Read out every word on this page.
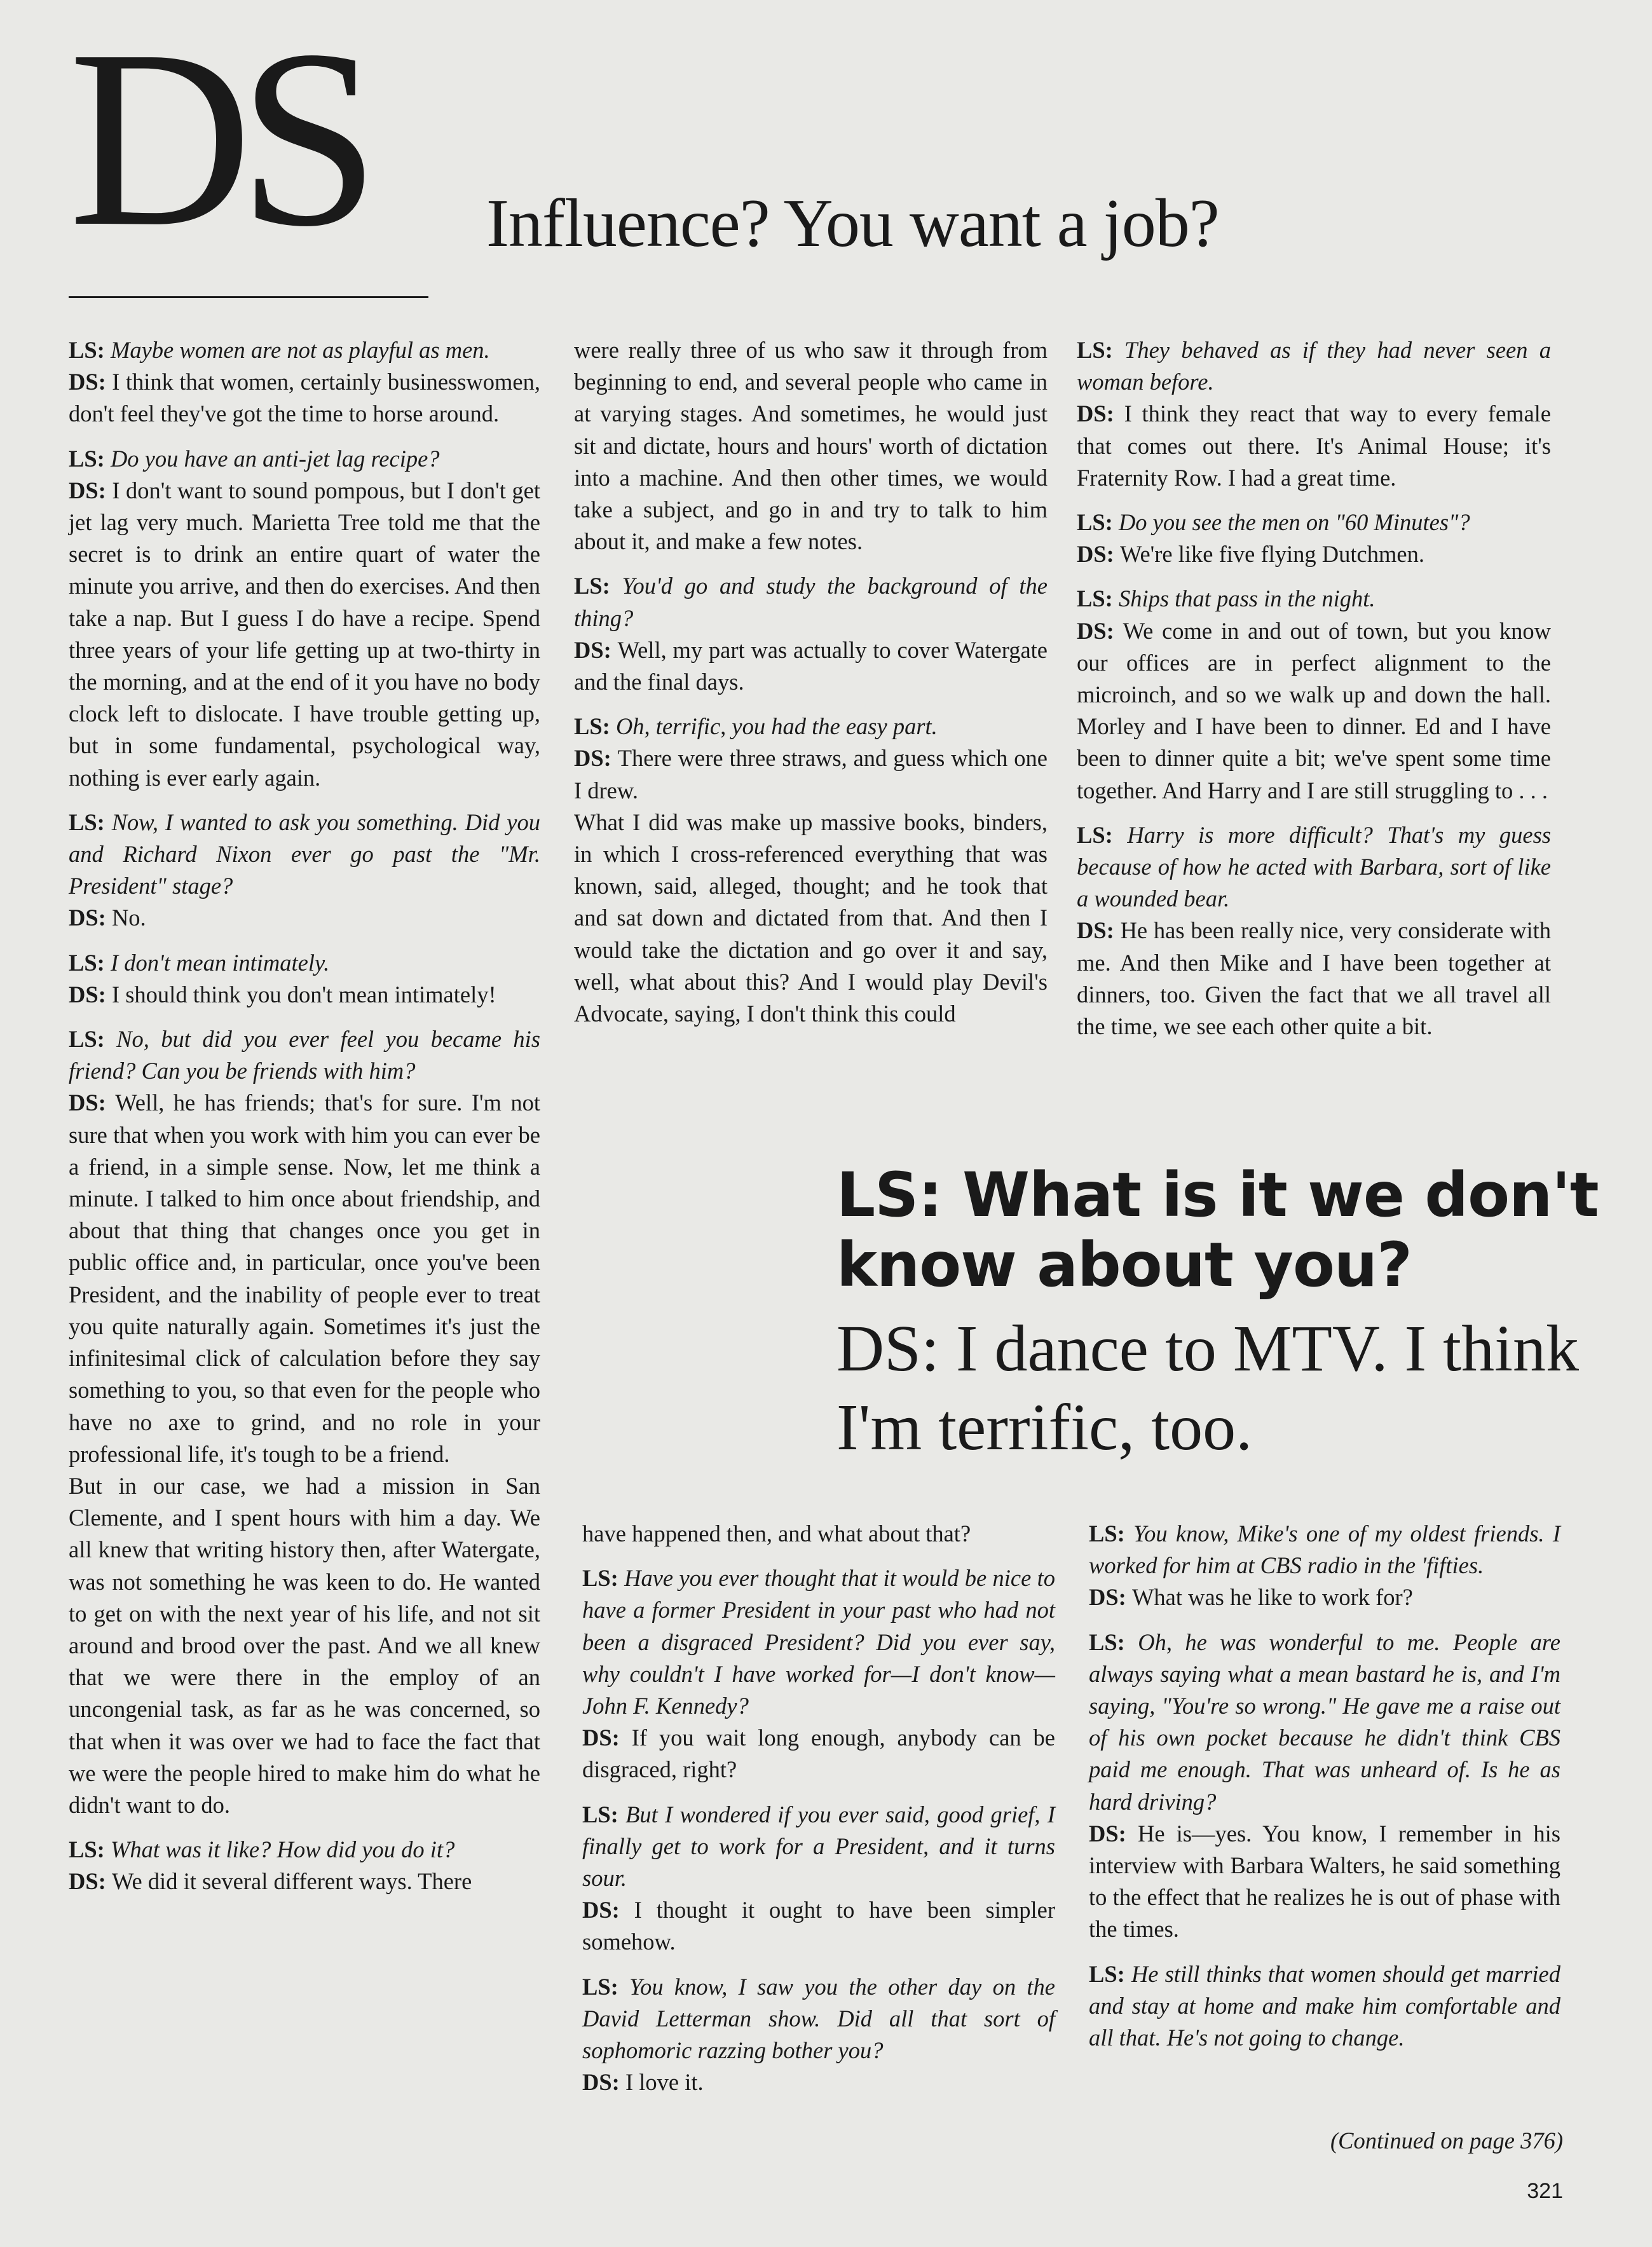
DS Influence? You want a job?

LS: Maybe women are not as playful as men.
DS: I think that women, certainly businesswomen, don't feel they've got the time to horse around.

LS: Do you have an anti-jet lag recipe?
DS: I don't want to sound pompous, but I don't get jet lag very much. Marietta Tree told me that the secret is to drink an entire quart of water the minute you arrive, and then do exercises. And then take a nap. But I guess I do have a recipe. Spend three years of your life getting up at two-thirty in the morning, and at the end of it you have no body clock left to dislocate. I have trouble getting up, but in some fundamental, psychological way, nothing is ever early again.

LS: Now, I wanted to ask you something. Did you and Richard Nixon ever go past the "Mr. President" stage?
DS: No.

LS: I don't mean intimately.
DS: I should think you don't mean intimately!

LS: No, but did you ever feel you became his friend? Can you be friends with him?
DS: Well, he has friends; that's for sure. I'm not sure that when you work with him you can ever be a friend, in a simple sense. Now, let me think a minute. I talked to him once about friendship, and about that thing that changes once you get in public office and, in particular, once you've been President, and the inability of people ever to treat you quite naturally again. Sometimes it's just the infinitesimal click of calculation before they say something to you, so that even for the people who have no axe to grind, and no role in your professional life, it's tough to be a friend.
But in our case, we had a mission in San Clemente, and I spent hours with him a day. We all knew that writing history then, after Watergate, was not something he was keen to do. He wanted to get on with the next year of his life, and not sit around and brood over the past. And we all knew that we were there in the employ of an uncongenial task, as far as he was concerned, so that when it was over we had to face the fact that we were the people hired to make him do what he didn't want to do.

LS: What was it like? How did you do it?
DS: We did it several different ways. There

were really three of us who saw it through from beginning to end, and several people who came in at varying stages. And sometimes, he would just sit and dictate, hours and hours' worth of dictation into a machine. And then other times, we would take a subject, and go in and try to talk to him about it, and make a few notes.

LS: You'd go and study the background of the thing?
DS: Well, my part was actually to cover Watergate and the final days.

LS: Oh, terrific, you had the easy part.
DS: There were three straws, and guess which one I drew.
What I did was make up massive books, binders, in which I cross-referenced everything that was known, said, alleged, thought; and he took that and sat down and dictated from that. And then I would take the dictation and go over it and say, well, what about this? And I would play Devil's Advocate, saying, I don't think this could

LS: They behaved as if they had never seen a woman before.
DS: I think they react that way to every female that comes out there. It's Animal House; it's Fraternity Row. I had a great time.

LS: Do you see the men on "60 Minutes"?
DS: We're like five flying Dutchmen.

LS: Ships that pass in the night.
DS: We come in and out of town, but you know our offices are in perfect alignment to the microinch, and so we walk up and down the hall. Morley and I have been to dinner. Ed and I have been to dinner quite a bit; we've spent some time together. And Harry and I are still struggling to . . .

LS: Harry is more difficult? That's my guess because of how he acted with Barbara, sort of like a wounded bear.
DS: He has been really nice, very considerate with me. And then Mike and I have been together at dinners, too. Given the fact that we all travel all the time, we see each other quite a bit.

LS: What is it we don't know about you?
DS: I dance to MTV. I think I'm terrific, too.

have happened then, and what about that?

LS: Have you ever thought that it would be nice to have a former President in your past who had not been a disgraced President? Did you ever say, why couldn't I have worked for—I don't know—John F. Kennedy?
DS: If you wait long enough, anybody can be disgraced, right?

LS: But I wondered if you ever said, good grief, I finally get to work for a President, and it turns sour.
DS: I thought it ought to have been simpler somehow.

LS: You know, I saw you the other day on the David Letterman show. Did all that sort of sophomoric razzing bother you?
DS: I love it.

LS: You know, Mike's one of my oldest friends. I worked for him at CBS radio in the 'fifties.
DS: What was he like to work for?

LS: Oh, he was wonderful to me. People are always saying what a mean bastard he is, and I'm saying, "You're so wrong." He gave me a raise out of his own pocket because he didn't think CBS paid me enough. That was unheard of. Is he as hard driving?
DS: He is—yes. You know, I remember in his interview with Barbara Walters, he said something to the effect that he realizes he is out of phase with the times.

LS: He still thinks that women should get married and stay at home and make him comfortable and all that. He's not going to change.

(Continued on page 376)
321
